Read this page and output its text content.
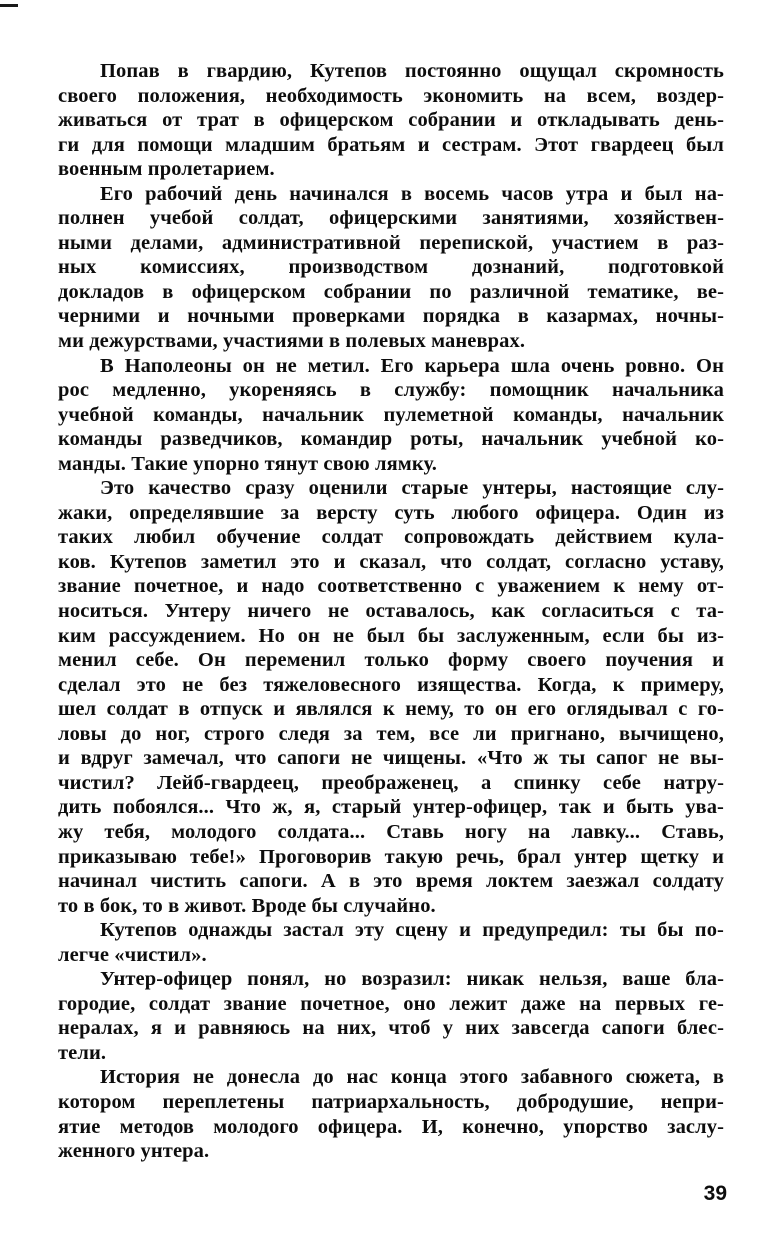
Попав в гвардию, Кутепов постоянно ощущал скромность
своего положения, необходимость экономить на всем, воздер-
живаться от трат в офицерском собрании и откладывать день-
ги для помощи младшим братьям и сестрам. Этот гвардеец был
военным пролетарием.
Его рабочий день начинался в восемь часов утра и был на-
полнен учебой солдат, офицерскими занятиями, хозяйствен-
ными делами, административной перепиской, участием в раз-
ных комиссиях, производством дознаний, подготовкой
докладов в офицерском собрании по различной тематике, ве-
черними и ночными проверками порядка в казармах, ночны-
ми дежурствами, участиями в полевых маневрах.
В Наполеоны он не метил. Его карьера шла очень ровно. Он
рос медленно, укореняясь в службу: помощник начальника
учебной команды, начальник пулеметной команды, начальник
команды разведчиков, командир роты, начальник учебной ко-
манды. Такие упорно тянут свою лямку.
Это качество сразу оценили старые унтеры, настоящие слу-
жаки, определявшие за версту суть любого офицера. Один из
таких любил обучение солдат сопровождать действием кула-
ков. Кутепов заметил это и сказал, что солдат, согласно уставу,
звание почетное, и надо соответственно с уважением к нему от-
носиться. Унтеру ничего не оставалось, как согласиться с та-
ким рассуждением. Но он не был бы заслуженным, если бы из-
менил себе. Он переменил только форму своего поучения и
сделал это не без тяжеловесного изящества. Когда, к примеру,
шел солдат в отпуск и являлся к нему, то он его оглядывал с го-
ловы до ног, строго следя за тем, все ли пригнано, вычищено,
и вдруг замечал, что сапоги не чищены. «Что ж ты сапог не вы-
чистил? Лейб-гвардеец, преображенец, а спинку себе натру-
дить побоялся... Что ж, я, старый унтер-офицер, так и быть ува-
жу тебя, молодого солдата... Ставь ногу на лавку... Ставь,
приказываю тебе!» Проговорив такую речь, брал унтер щетку и
начинал чистить сапоги. А в это время локтем заезжал солдату
то в бок, то в живот. Вроде бы случайно.
Кутепов однажды застал эту сцену и предупредил: ты бы по-
легче «чистил».
Унтер-офицер понял, но возразил: никак нельзя, ваше бла-
городие, солдат звание почетное, оно лежит даже на первых ге-
нералах, я и равняюсь на них, чтоб у них завсегда сапоги блес-
тели.
История не донесла до нас конца этого забавного сюжета, в
котором переплетены патриархальность, добродушие, непри-
ятие методов молодого офицера. И, конечно, упорство заслу-
женного унтера.
39
